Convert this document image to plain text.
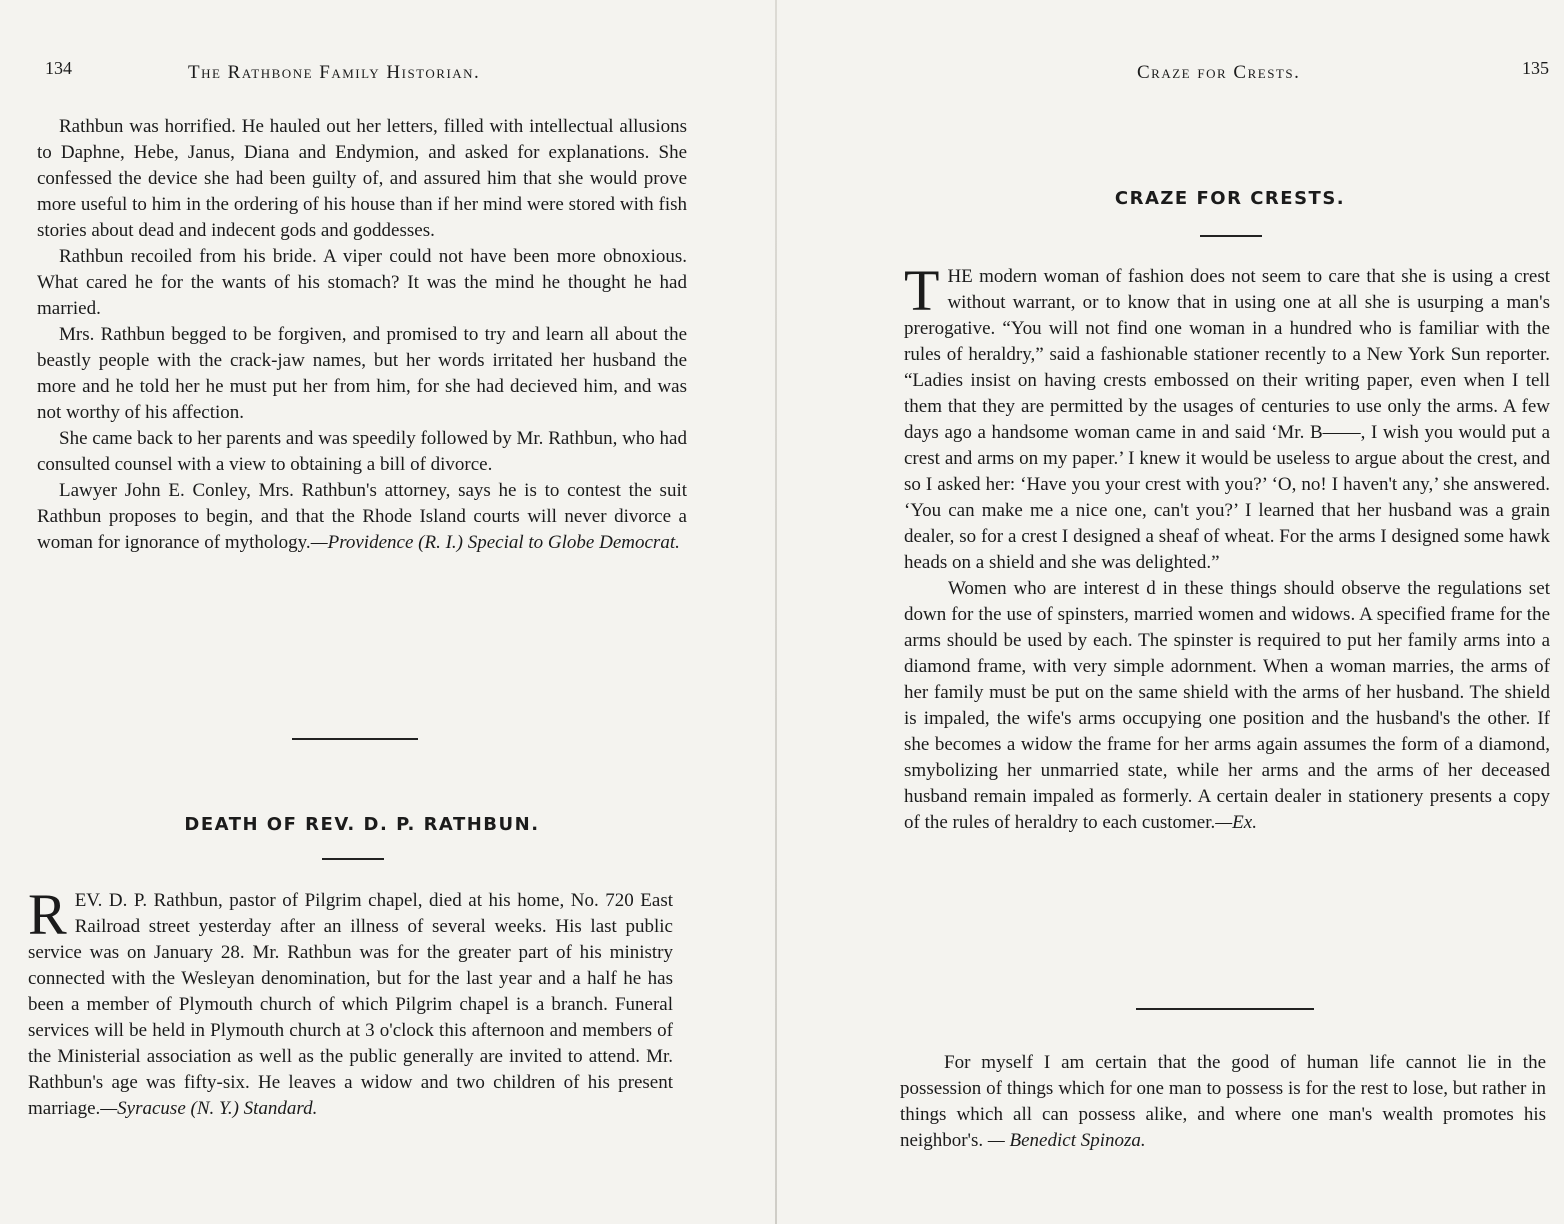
134	The Rathbone Family Historian.

Rathbun was horrified. He hauled out her letters, filled with intellectual allusions to Daphne, Hebe, Janus, Diana and Endymion, and asked for explanations. She confessed the device she had been guilty of, and assured him that she would prove more useful to him in the ordering of his house than if her mind were stored with fish stories about dead and indecent gods and goddesses.

Rathbun recoiled from his bride. A viper could not have been more obnoxious. What cared he for the wants of his stomach? It was the mind he thought he had married.

Mrs. Rathbun begged to be forgiven, and promised to try and learn all about the beastly people with the crack-jaw names, but her words irritated her husband the more and he told her he must put her from him, for she had decieved him, and was not worthy of his affection.

She came back to her parents and was speedily followed by Mr. Rathbun, who had consulted counsel with a view to obtaining a bill of divorce.

Lawyer John E. Conley, Mrs. Rathbun's attorney, says he is to contest the suit Rathbun proposes to begin, and that the Rhode Island courts will never divorce a woman for ignorance of mythology.—Providence (R. I.) Special to Globe Democrat.

DEATH OF REV. D. P. RATHBUN.

REV. D. P. Rathbun, pastor of Pilgrim chapel, died at his home, No. 720 East Railroad street yesterday after an illness of several weeks. His last public service was on January 28. Mr. Rathbun was for the greater part of his ministry connected with the Wesleyan denomination, but for the last year and a half he has been a member of Plymouth church of which Pilgrim chapel is a branch. Funeral services will be held in Plymouth church at 3 o'clock this afternoon and members of the Ministerial association as well as the public generally are invited to attend. Mr. Rathbun's age was fifty-six. He leaves a widow and two children of his present marriage.—Syracuse (N. Y.) Standard.

Craze for Crests.	135
CRAZE FOR CRESTS.

THE modern woman of fashion does not seem to care that she is using a crest without warrant, or to know that in using one at all she is usurping a man's prerogative. “You will not find one woman in a hundred who is familiar with the rules of heraldry,” said a fashionable stationer recently to a New York Sun reporter. “Ladies insist on having crests embossed on their writing paper, even when I tell them that they are permitted by the usages of centuries to use only the arms. A few days ago a handsome woman came in and said ‘Mr. B——, I wish you would put a crest and arms on my paper.’ I knew it would be useless to argue about the crest, and so I asked her: ‘Have you your crest with you?’ ‘O, no! I haven't any,’ she answered. ‘You can make me a nice one, can't you?’ I learned that her husband was a grain dealer, so for a crest I designed a sheaf of wheat. For the arms I designed some hawk heads on a shield and she was delighted.”

Women who are interest d in these things should observe the regulations set down for the use of spinsters, married women and widows. A specified frame for the arms should be used by each. The spinster is required to put her family arms into a diamond frame, with very simple adornment. When a woman marries, the arms of her family must be put on the same shield with the arms of her husband. The shield is impaled, the wife's arms occupying one position and the husband's the other. If she becomes a widow the frame for her arms again assumes the form of a diamond, smybolizing her unmarried state, while her arms and the arms of her deceased husband remain impaled as formerly. A certain dealer in stationery presents a copy of the rules of heraldry to each customer.—Ex.

For myself I am certain that the good of human life cannot lie in the possession of things which for one man to possess is for the rest to lose, but rather in things which all can possess alike, and where one man's wealth promotes his neighbor's. — Benedict Spinoza.
